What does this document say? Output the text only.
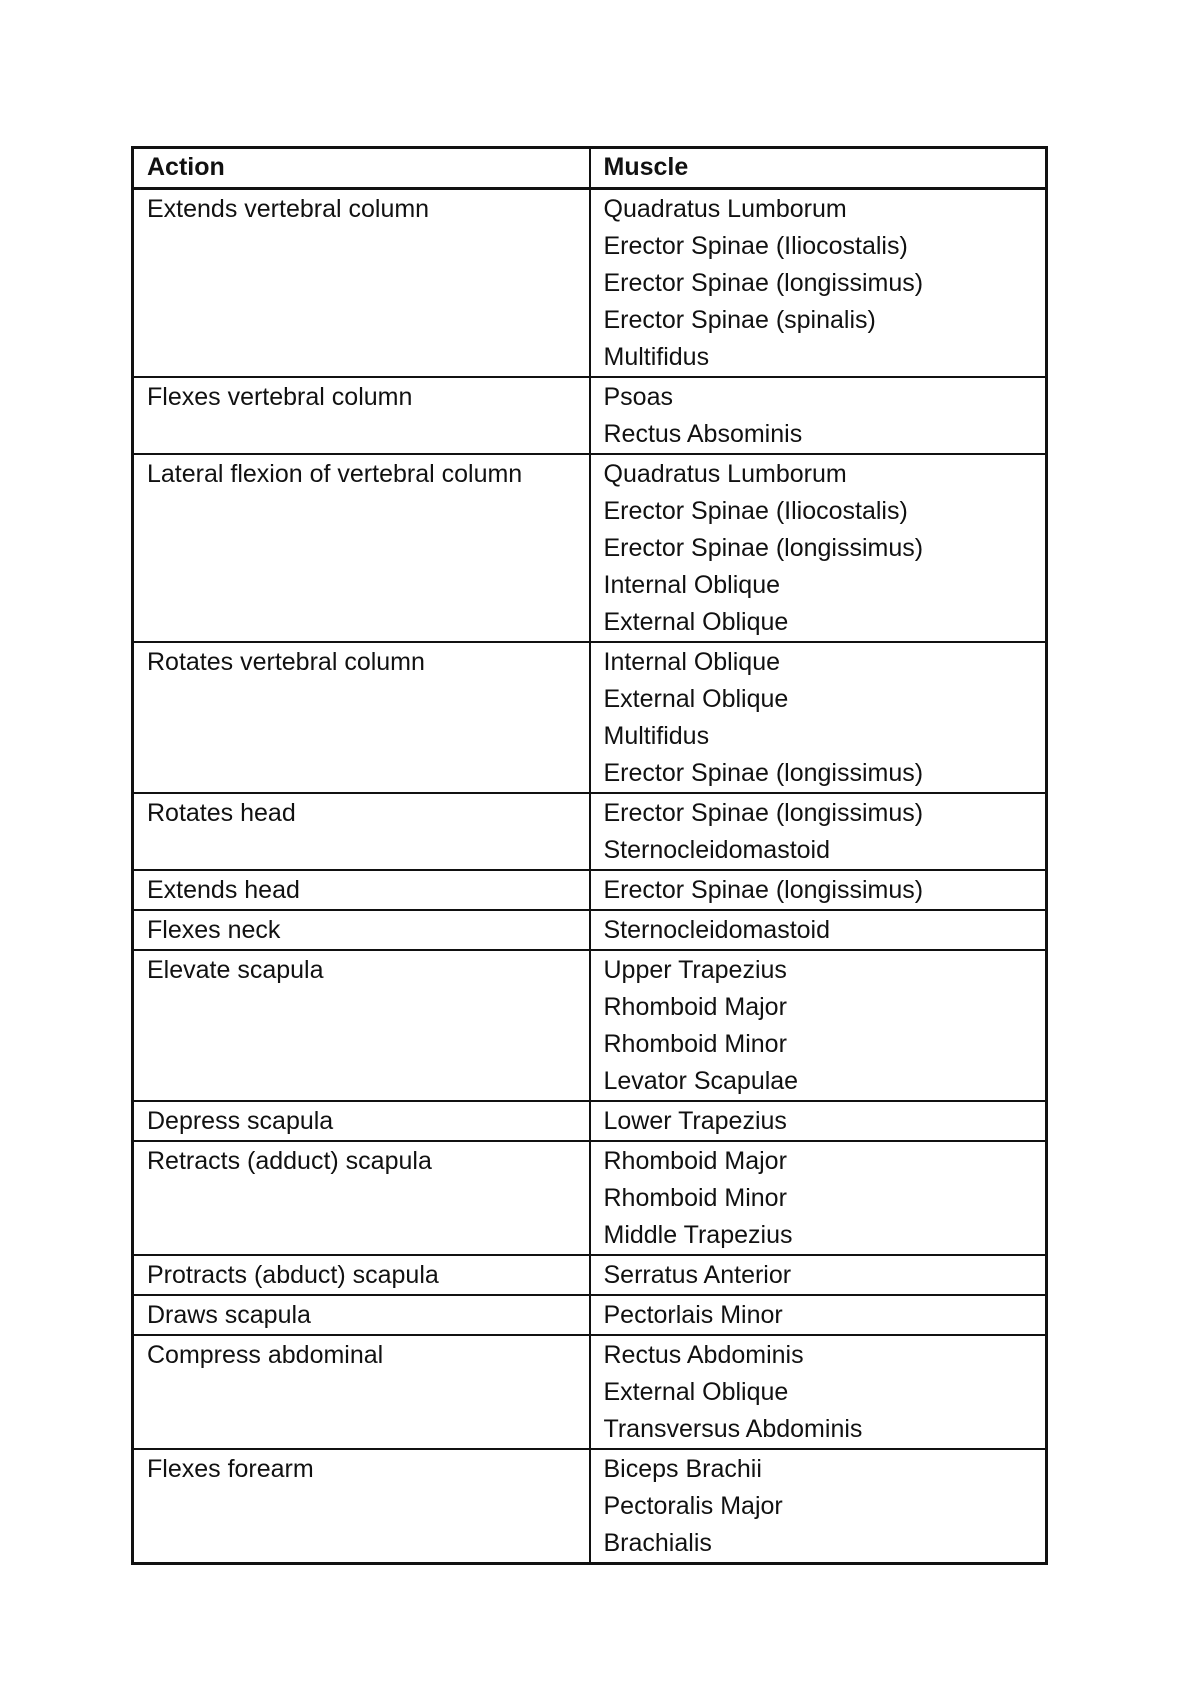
Action	Muscle
Extends vertebral column	Quadratus Lumborum
Erector Spinae (Iliocostalis)
Erector Spinae (longissimus)
Erector Spinae (spinalis)
Multifidus

Flexes vertebral column	Psoas
Rectus Absominis

Lateral flexion of vertebral column	Quadratus Lumborum
Erector Spinae (Iliocostalis)
Erector Spinae (longissimus)
Internal Oblique
External Oblique

Rotates vertebral column	Internal Oblique
External Oblique
Multifidus
Erector Spinae (longissimus)

Rotates head	Erector Spinae (longissimus)
Sternocleidomastoid

Extends head	Erector Spinae (longissimus)

Flexes neck	Sternocleidomastoid

Elevate scapula	Upper Trapezius
Rhomboid Major
Rhomboid Minor
Levator Scapulae

Depress scapula	Lower Trapezius

Retracts (adduct) scapula	Rhomboid Major
Rhomboid Minor
Middle Trapezius

Protracts (abduct) scapula	Serratus Anterior

Draws scapula	Pectorlais Minor

Compress abdominal	Rectus Abdominis
External Oblique
Transversus Abdominis

Flexes forearm	Biceps Brachii
Pectoralis Major
Brachialis
